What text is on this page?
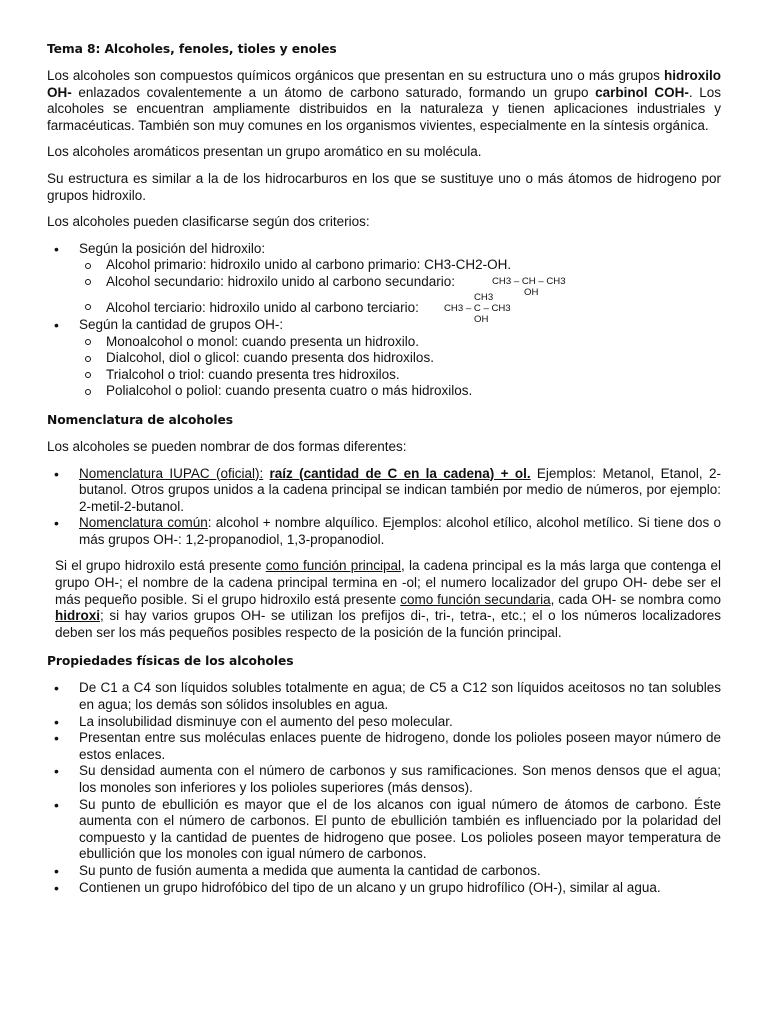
Tema 8: Alcoholes, fenoles, tioles y enoles

Los alcoholes son compuestos químicos orgánicos que presentan en su estructura uno o más grupos hidroxilo OH- enlazados covalentemente a un átomo de carbono saturado, formando un grupo carbinol COH-. Los alcoholes se encuentran ampliamente distribuidos en la naturaleza y tienen aplicaciones industriales y farmacéuticas. También son muy comunes en los organismos vivientes, especialmente en la síntesis orgánica.

Los alcoholes aromáticos presentan un grupo aromático en su molécula.

Su estructura es similar a la de los hidrocarburos en los que se sustituye uno o más átomos de hidrogeno por grupos hidroxilo.

Los alcoholes pueden clasificarse según dos criterios:

• Según la posición del hidroxilo:
Alcohol primario: hidroxilo unido al carbono primario: CH3-CH2-OH.
Alcohol secundario: hidroxilo unido al carbono secundario:	CH3 – CH – CH3
OH
Alcohol terciario: hidroxilo unido al carbono terciario:
CH3
CH3 – C – CH3
OH
• Según la cantidad de grupos OH-:
Monoalcohol o monol: cuando presenta un hidroxilo.
Dialcohol, diol o glicol: cuando presenta dos hidroxilos.
Trialcohol o triol: cuando presenta tres hidroxilos.
Polialcohol o poliol: cuando presenta cuatro o más hidroxilos.
Nomenclatura de alcoholes

Los alcoholes se pueden nombrar de dos formas diferentes:

• Nomenclatura IUPAC (oficial): raíz (cantidad de C en la cadena) + ol. Ejemplos: Metanol, Etanol, 2-butanol. Otros grupos unidos a la cadena principal se indican también por medio de números, por ejemplo: 2-metil-2-butanol.
• Nomenclatura común: alcohol + nombre alquílico. Ejemplos: alcohol etílico, alcohol metílico. Si tiene dos o más grupos OH-: 1,2-propanodiol, 1,3-propanodiol.

Si el grupo hidroxilo está presente como función principal, la cadena principal es la más larga que contenga el grupo OH-; el nombre de la cadena principal termina en -ol; el numero localizador del grupo OH- debe ser el más pequeño posible. Si el grupo hidroxilo está presente como función secundaria, cada OH- se nombra como hidroxi; si hay varios grupos OH- se utilizan los prefijos di-, tri-, tetra-, etc.; el o los números localizadores deben ser los más pequeños posibles respecto de la posición de la función principal.

Propiedades físicas de los alcoholes
• De C1 a C4 son líquidos solubles totalmente en agua; de C5 a C12 son líquidos aceitosos no tan solubles en agua; los demás son sólidos insolubles en agua.
• La insolubilidad disminuye con el aumento del peso molecular.
• Presentan entre sus moléculas enlaces puente de hidrogeno, donde los polioles poseen mayor número de estos enlaces.
• Su densidad aumenta con el número de carbonos y sus ramificaciones. Son menos densos que el agua; los monoles son inferiores y los polioles superiores (más densos).
• Su punto de ebullición es mayor que el de los alcanos con igual número de átomos de carbono. Éste aumenta con el número de carbonos. El punto de ebullición también es influenciado por la polaridad del compuesto y la cantidad de puentes de hidrogeno que posee. Los polioles poseen mayor temperatura de ebullición que los monoles con igual número de carbonos.
• Su punto de fusión aumenta a medida que aumenta la cantidad de carbonos.
• Contienen un grupo hidrofóbico del tipo de un alcano y un grupo hidrofílico (OH-), similar al agua.
